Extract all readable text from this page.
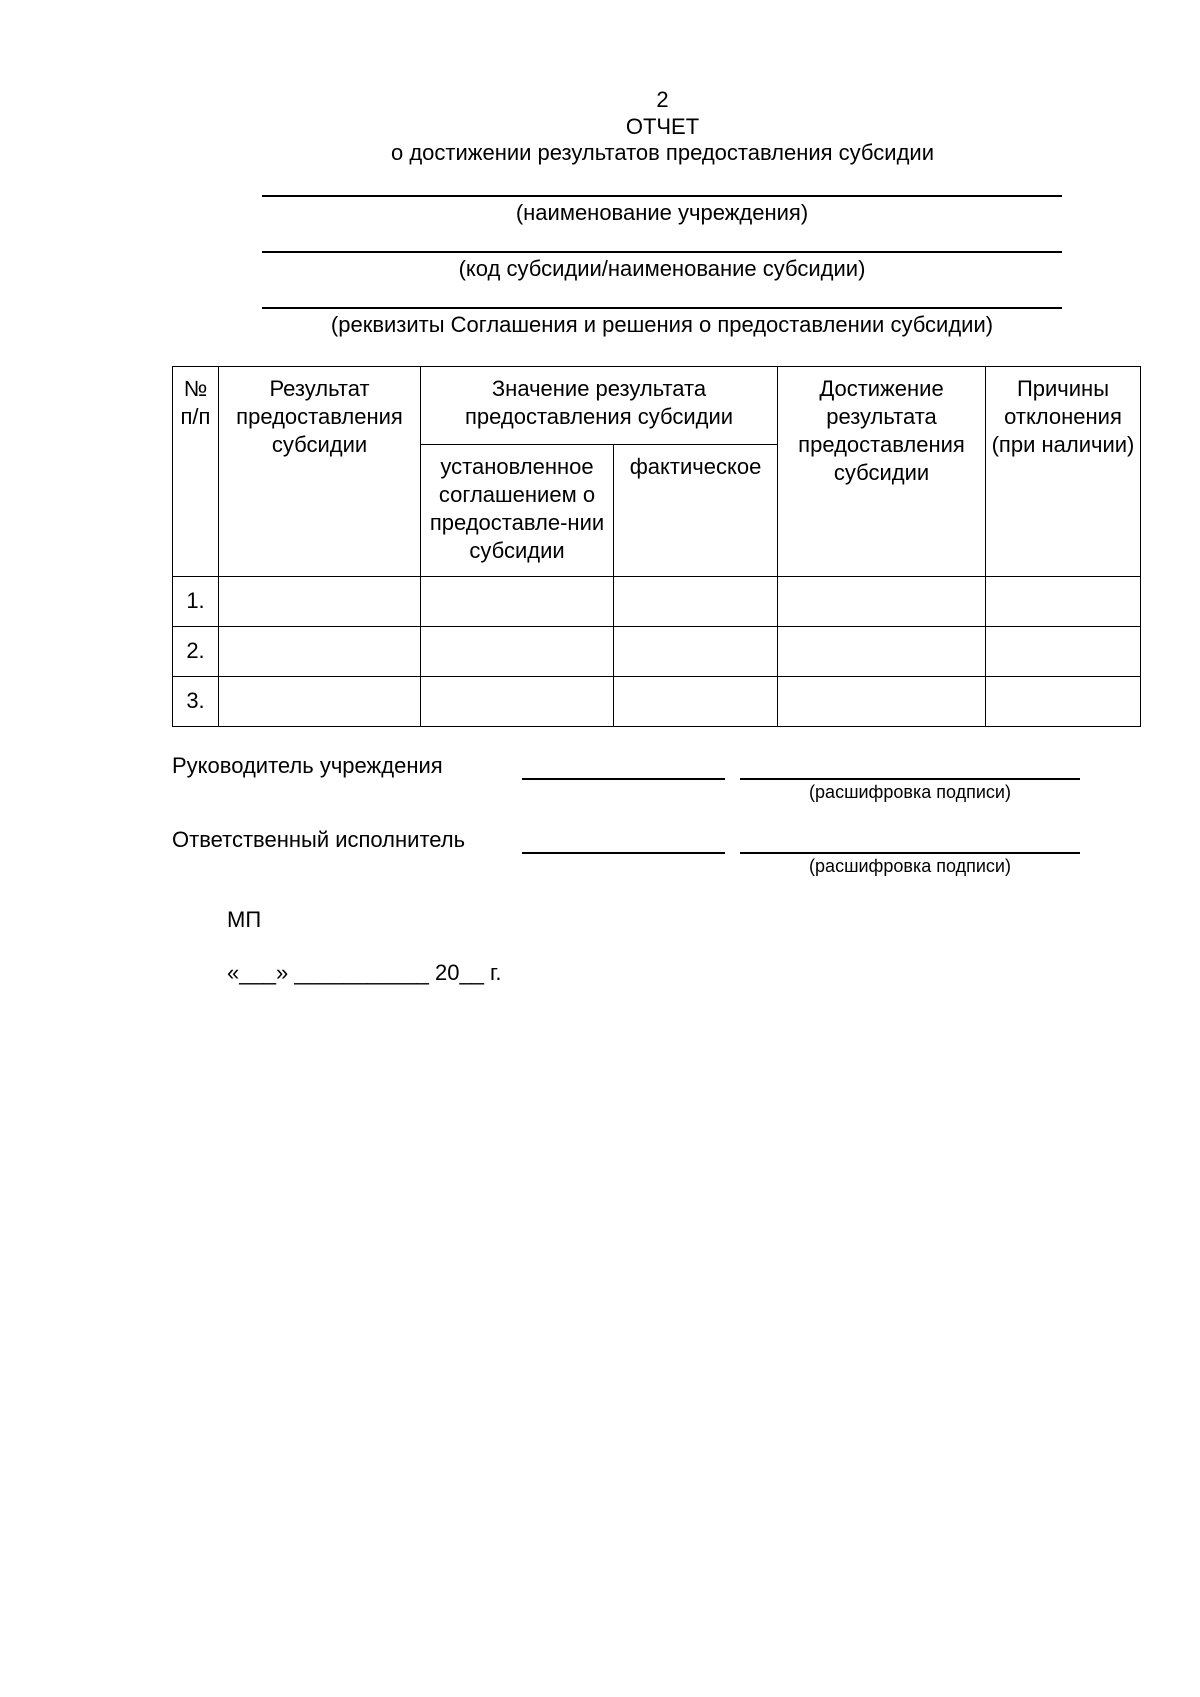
2
ОТЧЕТ
о достижении результатов предоставления субсидии
(наименование учреждения)
(код субсидии/наименование субсидии)
(реквизиты Соглашения и решения о предоставлении субсидии)
№ п/п	Результат предоставления субсидии	Значение результата предоставления субсидии		Достижение результата предоставления субсидии	Причины отклонения (при наличии)
		установленное соглашением о предоставле-нии субсидии	фактическое		
1.					
2.					
3.					
Руководитель учреждения
(расшифровка подписи)
Ответственный исполнитель
(расшифровка подписи)
МП
«___» ___________ 20__ г.
